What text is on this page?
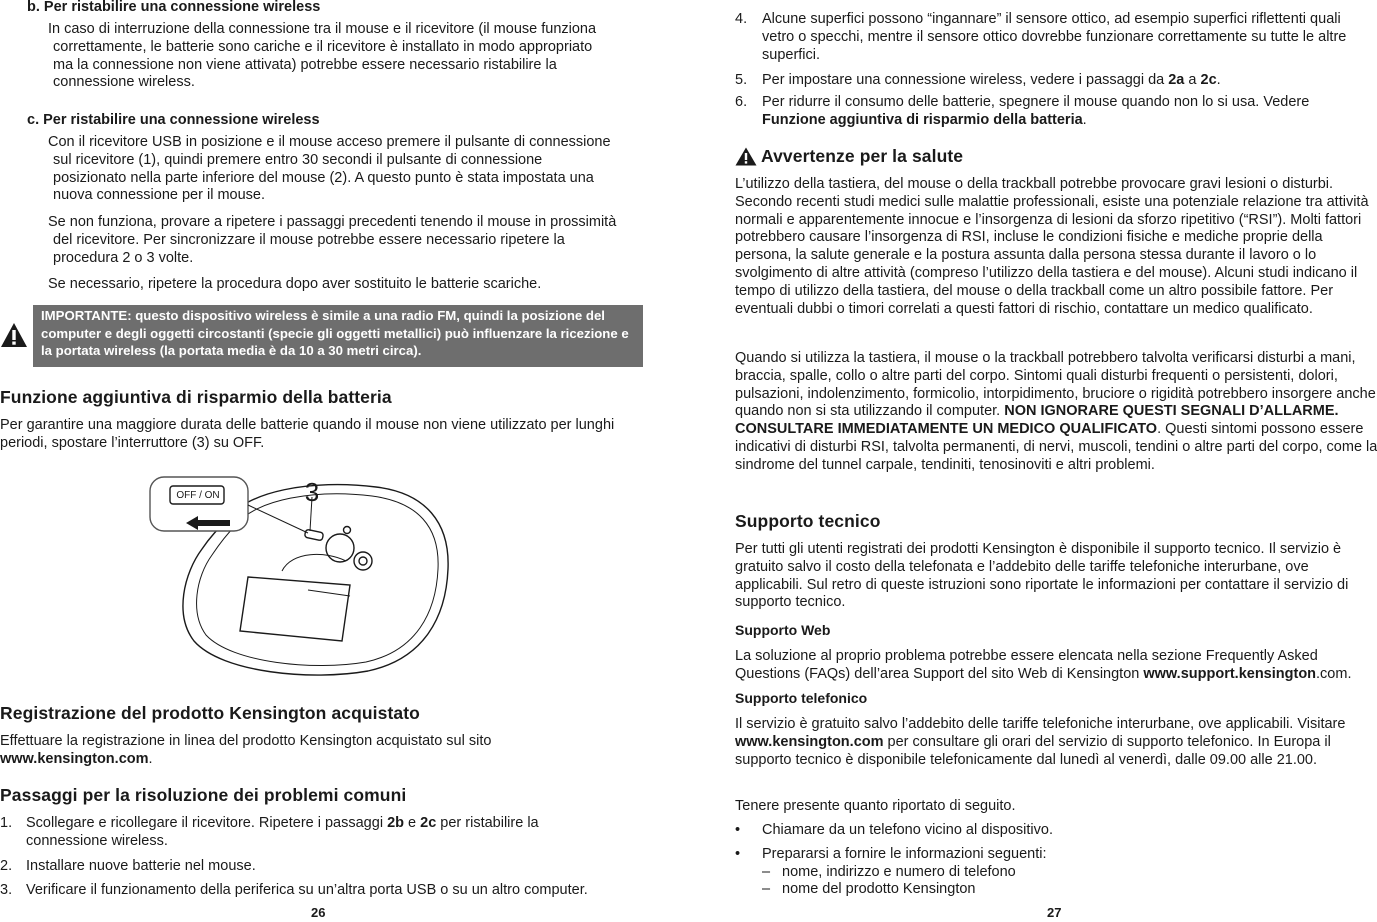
b. Per ristabilire una connessione wireless
In caso di interruzione della connessione tra il mouse e il ricevitore (il mouse funziona correttamente, le batterie sono cariche e il ricevitore è installato in modo appropriato ma la connessione non viene attivata) potrebbe essere necessario ristabilire la connessione wireless.
c. Per ristabilire una connessione wireless
Con il ricevitore USB in posizione e il mouse acceso premere il pulsante di connessione sul ricevitore (1), quindi premere entro 30 secondi il pulsante di connessione posizionato nella parte inferiore del mouse (2). A questo punto è stata impostata una nuova connessione per il mouse.
Se non funziona, provare a ripetere i passaggi precedenti tenendo il mouse in prossimità del ricevitore. Per sincronizzare il mouse potrebbe essere necessario ripetere la procedura 2 o 3 volte.
Se necessario, ripetere la procedura dopo aver sostituito le batterie scariche.
IMPORTANTE: questo dispositivo wireless è simile a una radio FM, quindi la posizione del computer e degli oggetti circostanti (specie gli oggetti metallici) può influenzare la ricezione e la portata wireless (la portata media è da 10 a 30 metri circa).
Funzione aggiuntiva di risparmio della batteria
Per garantire una maggiore durata delle batterie quando il mouse non viene utilizzato per lunghi periodi, spostare l’interruttore (3) su OFF.
OFF / ON	3
Registrazione del prodotto Kensington acquistato
Effettuare la registrazione in linea del prodotto Kensington acquistato sul sito
www.kensington.com.
Passaggi per la risoluzione dei problemi comuni
1. Scollegare e ricollegare il ricevitore. Ripetere i passaggi 2b e 2c per ristabilire la connessione wireless.
2. Installare nuove batterie nel mouse.
3. Verificare il funzionamento della periferica su un’altra porta USB o su un altro computer.
26
4.	Alcune superfici possono “ingannare” il sensore ottico, ad esempio superfici riflettenti quali vetro o specchi, mentre il sensore ottico dovrebbe funzionare correttamente su tutte le altre superfici.
5.	Per impostare una connessione wireless, vedere i passaggi da 2a a 2c.
6.	Per ridurre il consumo delle batterie, spegnere il mouse quando non lo si usa. Vedere Funzione aggiuntiva di risparmio della batteria.
Avvertenze per la salute
L’utilizzo della tastiera, del mouse o della trackball potrebbe provocare gravi lesioni o disturbi. Secondo recenti studi medici sulle malattie professionali, esiste una potenziale relazione tra attività normali e apparentemente innocue e l’insorgenza di lesioni da sforzo ripetitivo (“RSI”). Molti fattori potrebbero causare l’insorgenza di RSI, incluse le condizioni fisiche e mediche proprie della persona, la salute generale e la postura assunta dalla persona stessa durante il lavoro o lo svolgimento di altre attività (compreso l’utilizzo della tastiera e del mouse). Alcuni studi indicano il tempo di utilizzo della tastiera, del mouse o della trackball come un altro possibile fattore. Per eventuali dubbi o timori correlati a questi fattori di rischio, contattare un medico qualificato.
Quando si utilizza la tastiera, il mouse o la trackball potrebbero talvolta verificarsi disturbi a mani, braccia, spalle, collo o altre parti del corpo. Sintomi quali disturbi frequenti o persistenti, dolori, pulsazioni, indolenzimento, formicolio, intorpidimento, bruciore o rigidità potrebbero insorgere anche quando non si sta utilizzando il computer. NON IGNORARE QUESTI SEGNALI D’ALLARME. CONSULTARE IMMEDIATAMENTE UN MEDICO QUALIFICATO. Questi sintomi possono essere indicativi di disturbi RSI, talvolta permanenti, di nervi, muscoli, tendini o altre parti del corpo, come la sindrome del tunnel carpale, tendiniti, tenosinoviti e altri problemi.
Supporto tecnico
Per tutti gli utenti registrati dei prodotti Kensington è disponibile il supporto tecnico. Il servizio è gratuito salvo il costo della telefonata e l’addebito delle tariffe telefoniche interurbane, ove applicabili. Sul retro di queste istruzioni sono riportate le informazioni per contattare il servizio di supporto tecnico.
Supporto Web
La soluzione al proprio problema potrebbe essere elencata nella sezione Frequently Asked Questions (FAQs) dell’area Support del sito Web di Kensington www.support.kensington.com.
Supporto telefonico
Il servizio è gratuito salvo l’addebito delle tariffe telefoniche interurbane, ove applicabili. Visitare www.kensington.com per consultare gli orari del servizio di supporto telefonico. In Europa il supporto tecnico è disponibile telefonicamente dal lunedì al venerdì, dalle 09.00 alle 21.00.
Tenere presente quanto riportato di seguito.
•	Chiamare da un telefono vicino al dispositivo.
•	Prepararsi a fornire le informazioni seguenti:
– nome, indirizzo e numero di telefono
– nome del prodotto Kensington
27
